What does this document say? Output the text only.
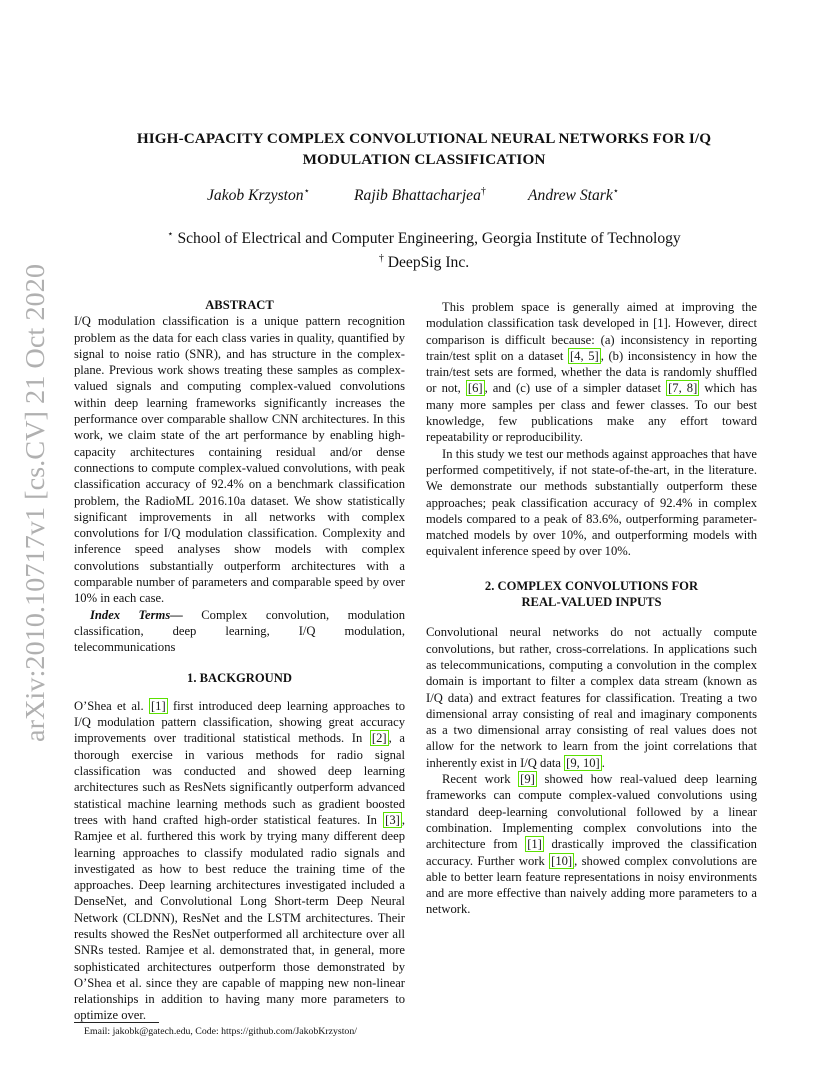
arXiv:2010.10717v1 [cs.CV] 21 Oct 2020
HIGH-CAPACITY COMPLEX CONVOLUTIONAL NEURAL NETWORKS FOR I/Q
MODULATION CLASSIFICATION
Jakob Krzyston⋆	Rajib Bhattacharjea†	Andrew Stark⋆
⋆ School of Electrical and Computer Engineering, Georgia Institute of Technology
† DeepSig Inc.
ABSTRACT

I/Q modulation classification is a unique pattern recognition problem as the data for each class varies in quality, quantified by signal to noise ratio (SNR), and has structure in the complex-plane. Previous work shows treating these samples as complex-valued signals and computing complex-valued convolutions within deep learning frameworks significantly increases the performance over comparable shallow CNN architectures. In this work, we claim state of the art performance by enabling high-capacity architectures containing residual and/or dense connections to compute complex-valued convolutions, with peak classification accuracy of 92.4% on a benchmark classification problem, the RadioML 2016.10a dataset. We show statistically significant improvements in all networks with complex convolutions for I/Q modulation classification. Complexity and inference speed analyses show models with complex convolutions substantially outperform architectures with a comparable number of parameters and comparable speed by over 10% in each case.

Index Terms— Complex convolution, modulation classification, deep learning, I/Q modulation, telecommunications

1. BACKGROUND

O’Shea et al. [1] first introduced deep learning approaches to I/Q modulation pattern classification, showing great accuracy improvements over traditional statistical methods. In [2] , a thorough exercise in various methods for radio signal classification was conducted and showed deep learning architectures such as ResNets significantly outperform advanced statistical machine learning methods such as gradient boosted trees with hand crafted high-order statistical features. In [3] , Ramjee et al. furthered this work by trying many different deep learning approaches to classify modulated radio signals and investigated as how to best reduce the training time of the approaches. Deep learning architectures investigated included a DenseNet, and Convolutional Long Short-term Deep Neural Network (CLDNN), ResNet and the LSTM architectures. Their results showed the ResNet outperformed all architecture over all SNRs tested. Ramjee et al. demonstrated that, in general, more sophisticated architectures outperform those demonstrated by O’Shea et al. since they are capable of mapping new non-linear relationships in addition to having many more parameters to optimize over.

This problem space is generally aimed at improving the modulation classification task developed in [1]. However, direct comparison is difficult because: (a) inconsistency in reporting train/test split on a dataset [4, 5] , (b) inconsistency in how the train/test sets are formed, whether the data is randomly shuffled or not, [6] , and (c) use of a simpler dataset [7, 8] which has many more samples per class and fewer classes. To our best knowledge, few publications make any effort toward repeatability or reproducibility.

In this study we test our methods against approaches that have performed competitively, if not state-of-the-art, in the literature. We demonstrate our methods substantially outperform these approaches; peak classification accuracy of 92.4% in complex models compared to a peak of 83.6%, outperforming parameter-matched models by over 10%, and outperforming models with equivalent inference speed by over 10%.

2. COMPLEX CONVOLUTIONS FOR
REAL-VALUED INPUTS

Convolutional neural networks do not actually compute convolutions, but rather, cross-correlations. In applications such as telecommunications, computing a convolution in the complex domain is important to filter a complex data stream (known as I/Q data) and extract features for classification. Treating a two dimensional array consisting of real and imaginary components as a two dimensional array consisting of real values does not allow for the network to learn from the joint correlations that inherently exist in I/Q data [9, 10] .

Recent work [9] showed how real-valued deep learning frameworks can compute complex-valued convolutions using standard deep-learning convolutional followed by a linear combination. Implementing complex convolutions into the architecture from [1] drastically improved the classification accuracy. Further work [10] , showed complex convolutions are able to better learn feature representations in noisy environments and are more effective than naively adding more parameters to a network.

Email: jakobk@gatech.edu, Code: https://github.com/JakobKrzyston/
